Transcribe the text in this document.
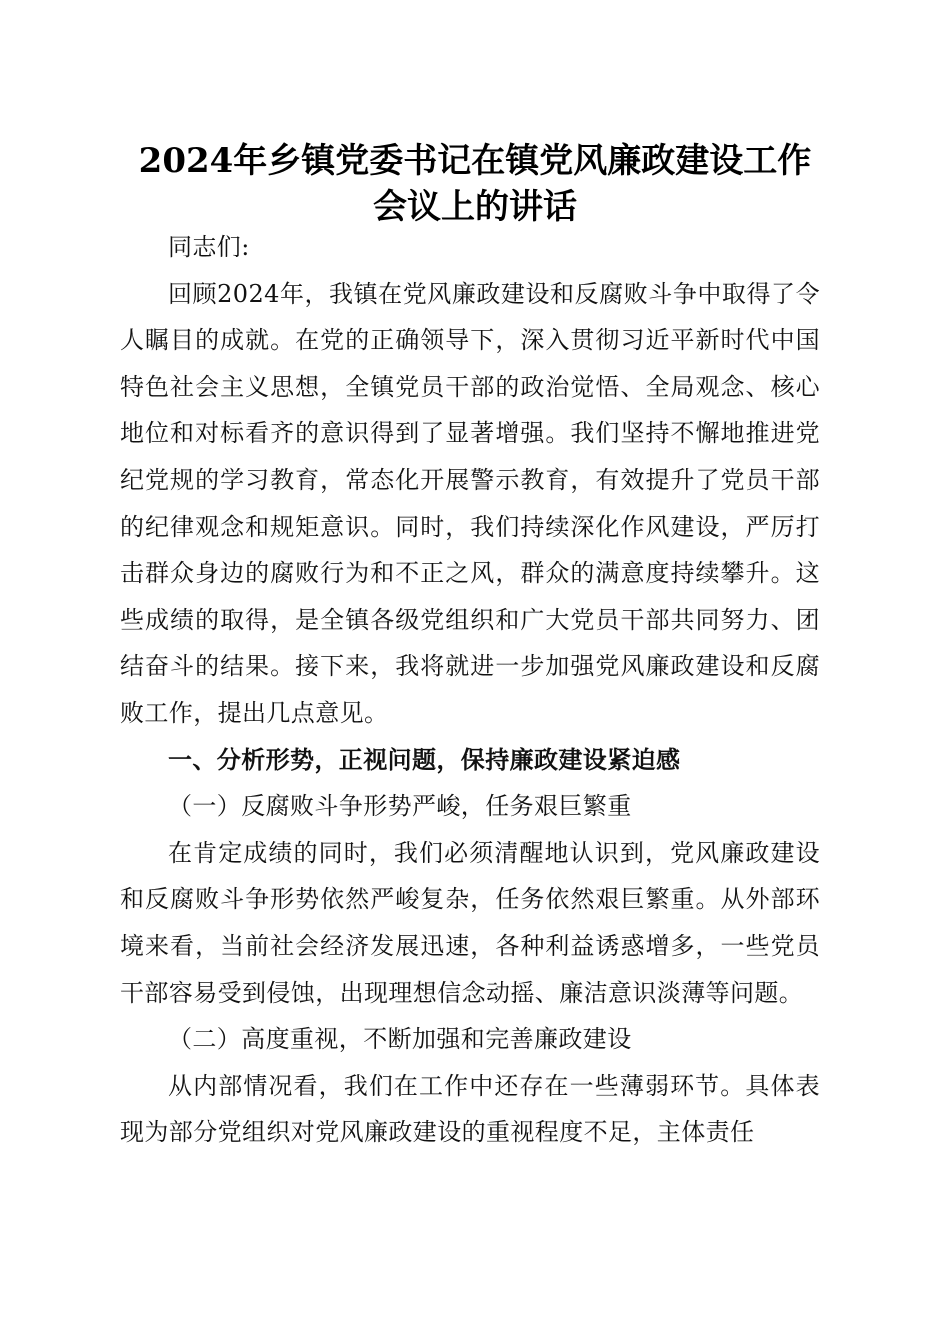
2024年乡镇党委书记在镇党风廉政建设工作
会议上的讲话

同志们:

回顾2024年，我镇在党风廉政建设和反腐败斗争中取得了令人瞩目的成就。在党的正确领导下，深入贯彻习近平新时代中国特色社会主义思想，全镇党员干部的政治觉悟、全局观念、核心地位和对标看齐的意识得到了显著增强。我们坚持不懈地推进党纪党规的学习教育，常态化开展警示教育，有效提升了党员干部的纪律观念和规矩意识。同时，我们持续深化作风建设，严厉打击群众身边的腐败行为和不正之风，群众的满意度持续攀升。这些成绩的取得，是全镇各级党组织和广大党员干部共同努力、团结奋斗的结果。接下来，我将就进一步加强党风廉政建设和反腐败工作，提出几点意见。

一、分析形势，正视问题，保持廉政建设紧迫感

（一）反腐败斗争形势严峻，任务艰巨繁重

在肯定成绩的同时，我们必须清醒地认识到，党风廉政建设和反腐败斗争形势依然严峻复杂，任务依然艰巨繁重。从外部环境来看，当前社会经济发展迅速，各种利益诱惑增多，一些党员干部容易受到侵蚀，出现理想信念动摇、廉洁意识淡薄等问题。

（二）高度重视，不断加强和完善廉政建设

从内部情况看，我们在工作中还存在一些薄弱环节。具体表现为部分党组织对党风廉政建设的重视程度不足，主体责任
